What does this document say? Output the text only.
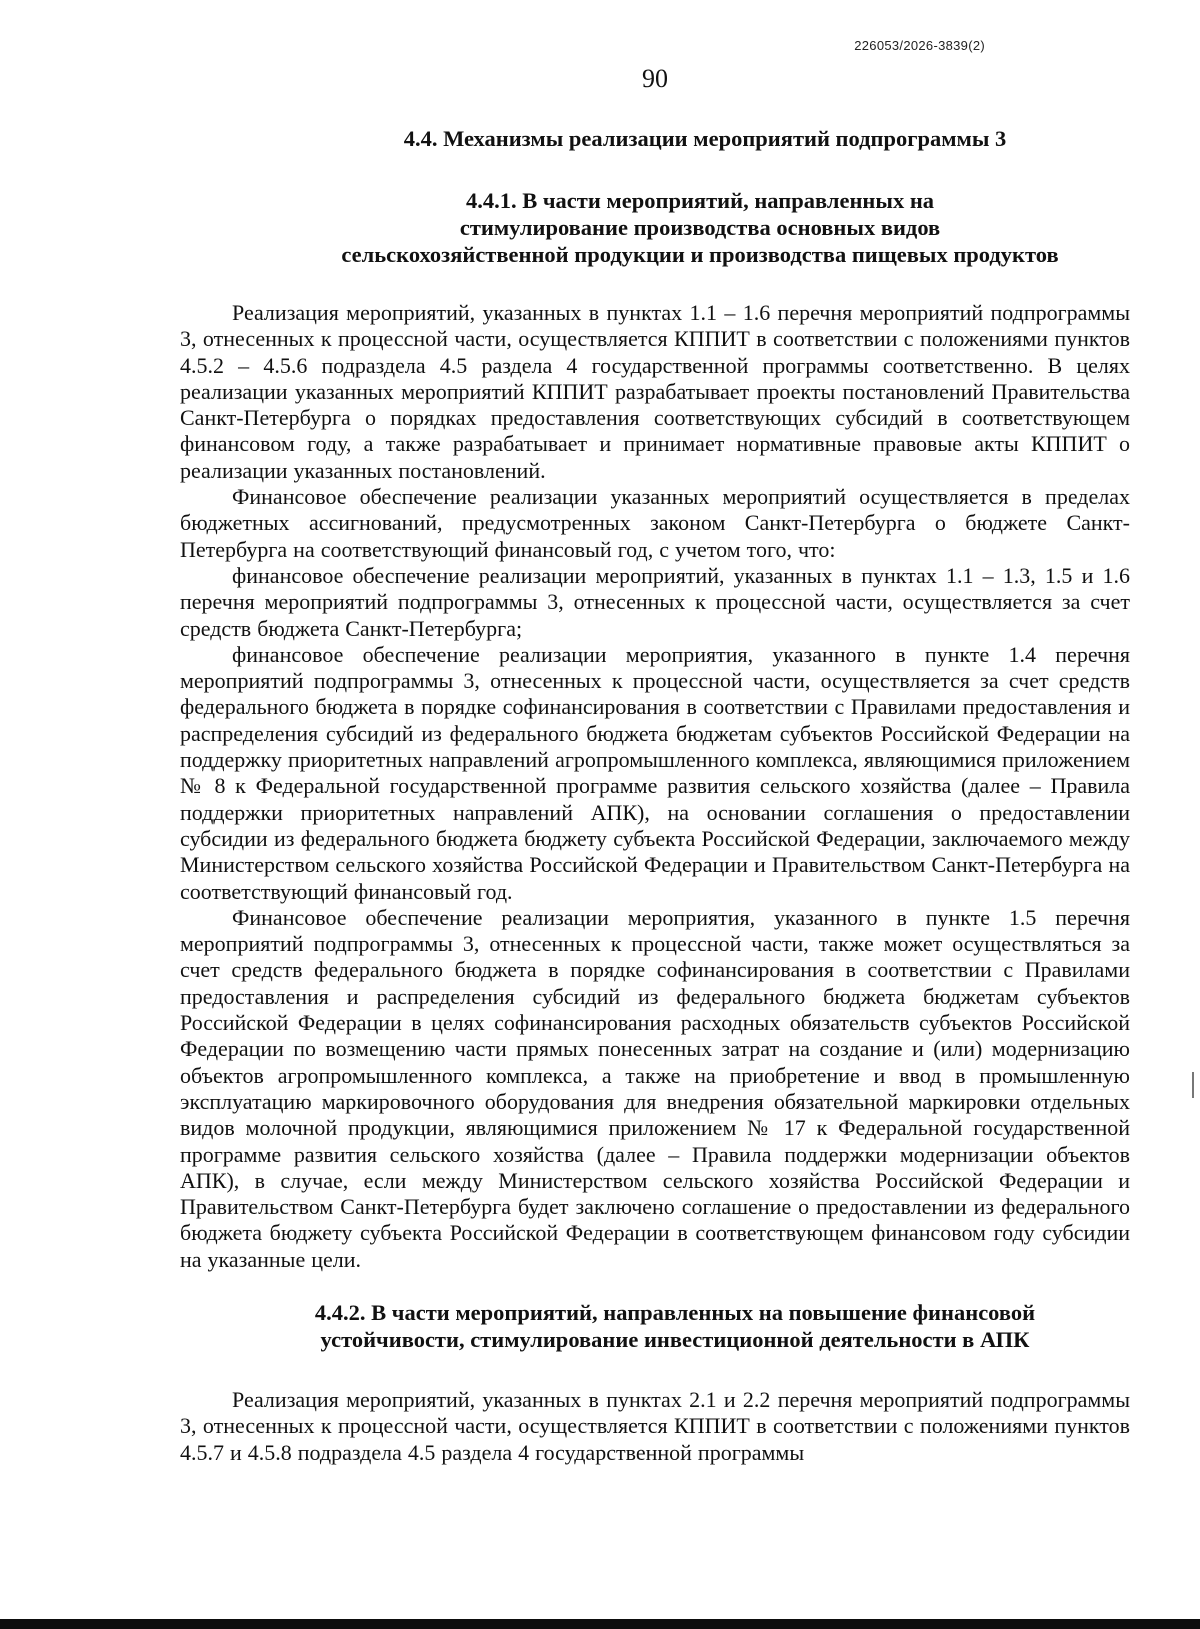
226053/2026-3839(2)
90
4.4. Механизмы реализации мероприятий подпрограммы 3
4.4.1. В части мероприятий, направленных на
стимулирование производства основных видов
сельскохозяйственной продукции и производства пищевых продуктов

Реализация мероприятий, указанных в пунктах 1.1 – 1.6 перечня мероприятий подпрограммы 3, отнесенных к процессной части, осуществляется КППИТ в соответствии с положениями пунктов 4.5.2 – 4.5.6 подраздела 4.5 раздела 4 государственной программы соответственно. В целях реализации указанных мероприятий КППИТ разрабатывает проекты постановлений Правительства Санкт-Петербурга о порядках предоставления соответствующих субсидий в соответствующем финансовом году, а также разрабатывает и принимает нормативные правовые акты КППИТ о реализации указанных постановлений.

Финансовое обеспечение реализации указанных мероприятий осуществляется в пределах бюджетных ассигнований, предусмотренных законом Санкт-Петербурга о бюджете Санкт-Петербурга на соответствующий финансовый год, с учетом того, что:

финансовое обеспечение реализации мероприятий, указанных в пунктах 1.1 – 1.3, 1.5 и 1.6 перечня мероприятий подпрограммы 3, отнесенных к процессной части, осуществляется за счет средств бюджета Санкт-Петербурга;

финансовое обеспечение реализации мероприятия, указанного в пункте 1.4 перечня мероприятий подпрограммы 3, отнесенных к процессной части, осуществляется за счет средств федерального бюджета в порядке софинансирования в соответствии с Правилами предоставления и распределения субсидий из федерального бюджета бюджетам субъектов Российской Федерации на поддержку приоритетных направлений агропромышленного комплекса, являющимися приложением № 8 к Федеральной государственной программе развития сельского хозяйства (далее – Правила поддержки приоритетных направлений АПК), на основании соглашения о предоставлении субсидии из федерального бюджета бюджету субъекта Российской Федерации, заключаемого между Министерством сельского хозяйства Российской Федерации и Правительством Санкт-Петербурга на соответствующий финансовый год.

Финансовое обеспечение реализации мероприятия, указанного в пункте 1.5 перечня мероприятий подпрограммы 3, отнесенных к процессной части, также может осуществляться за счет средств федерального бюджета в порядке софинансирования в соответствии с Правилами предоставления и распределения субсидий из федерального бюджета бюджетам субъектов Российской Федерации в целях софинансирования расходных обязательств субъектов Российской Федерации по возмещению части прямых понесенных затрат на создание и (или) модернизацию объектов агропромышленного комплекса, а также на приобретение и ввод в промышленную эксплуатацию маркировочного оборудования для внедрения обязательной маркировки отдельных видов молочной продукции, являющимися приложением № 17 к Федеральной государственной программе развития сельского хозяйства (далее – Правила поддержки модернизации объектов АПК), в случае, если между Министерством сельского хозяйства Российской Федерации и Правительством Санкт-Петербурга будет заключено соглашение о предоставлении из федерального бюджета бюджету субъекта Российской Федерации в соответствующем финансовом году субсидии на указанные цели.

4.4.2. В части мероприятий, направленных на повышение финансовой
устойчивости, стимулирование инвестиционной деятельности в АПК

Реализация мероприятий, указанных в пунктах 2.1 и 2.2 перечня мероприятий подпрограммы 3, отнесенных к процессной части, осуществляется КППИТ в соответствии с положениями пунктов 4.5.7 и 4.5.8 подраздела 4.5 раздела 4 государственной программы
